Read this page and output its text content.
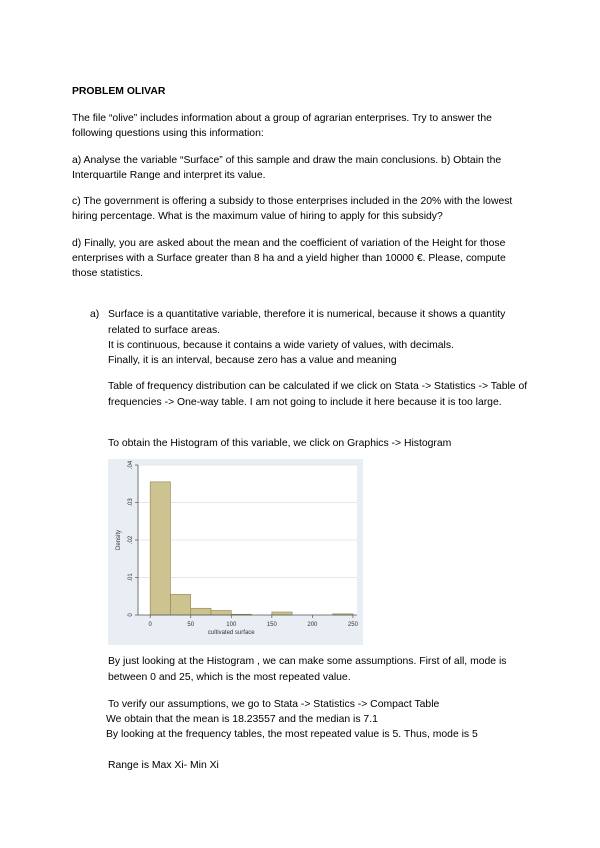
PROBLEM OLIVAR
The file “olive” includes information about a group of agrarian enterprises. Try to answer the following questions using this information:
a) Analyse the variable “Surface” of this sample and draw the main conclusions. b) Obtain the Interquartile Range and interpret its value.
c) The government is offering a subsidy to those enterprises included in the 20% with the lowest hiring percentage. What is the maximum value of hiring to apply for this subsidy?
d) Finally, you are asked about the mean and the coefficient of variation of the Height for those enterprises with a Surface greater than 8 ha and a yield higher than 10000 €. Please, compute those statistics.
a) Surface is a quantitative variable, therefore it is numerical, because it shows a quantity related to surface areas.
It is continuous, because it contains a wide variety of values, with decimals.
Finally, it is an interval, because zero has a value and meaning
Table of frequency distribution can be calculated if we click on Stata -> Statistics -> Table of frequencies -> One-way table. I am not going to include it here because it is too large.
To obtain the Histogram of this variable, we click on Graphics -> Histogram
0	50	100	150	200	250
0
.01
.02
.03
.04
cultivated surface
Density
By just looking at the Histogram , we can make some assumptions. First of all, mode is between 0 and 25, which is the most repeated value.
To verify our assumptions, we go to Stata -> Statistics -> Compact Table
We obtain that the mean is 18.23557 and the median is 7.1
By looking at the frequency tables, the most repeated value is 5. Thus, mode is 5
Range is Max Xi- Min Xi
